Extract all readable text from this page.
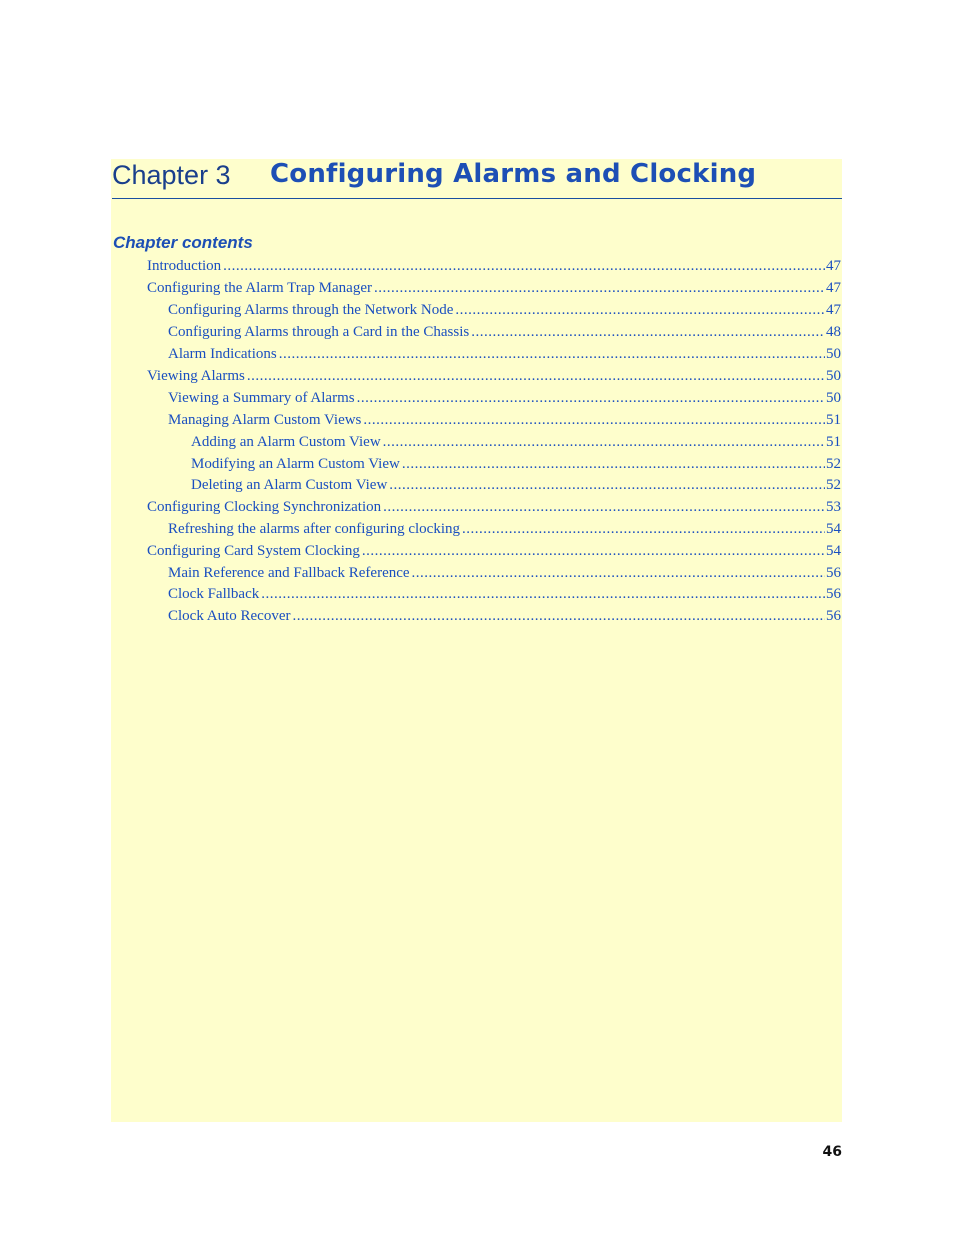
Chapter 3 Configuring Alarms and Clocking
Chapter contents
Introduction .....	47
Configuring the Alarm Trap Manager .....	47
Configuring Alarms through the Network Node .....	47
Configuring Alarms through a Card in the Chassis .....	48
Alarm Indications .....	50
Viewing Alarms .....	50
Viewing a Summary of Alarms .....	50
Managing Alarm Custom Views .....	51
Adding an Alarm Custom View .....	51
Modifying an Alarm Custom View .....	52
Deleting an Alarm Custom View .....	52
Configuring Clocking Synchronization .....	53
Refreshing the alarms after configuring clocking .....	54
Configuring Card System Clocking .....	54
Main Reference and Fallback Reference .....	56
Clock Fallback .....	56
Clock Auto Recover .....	56
46
